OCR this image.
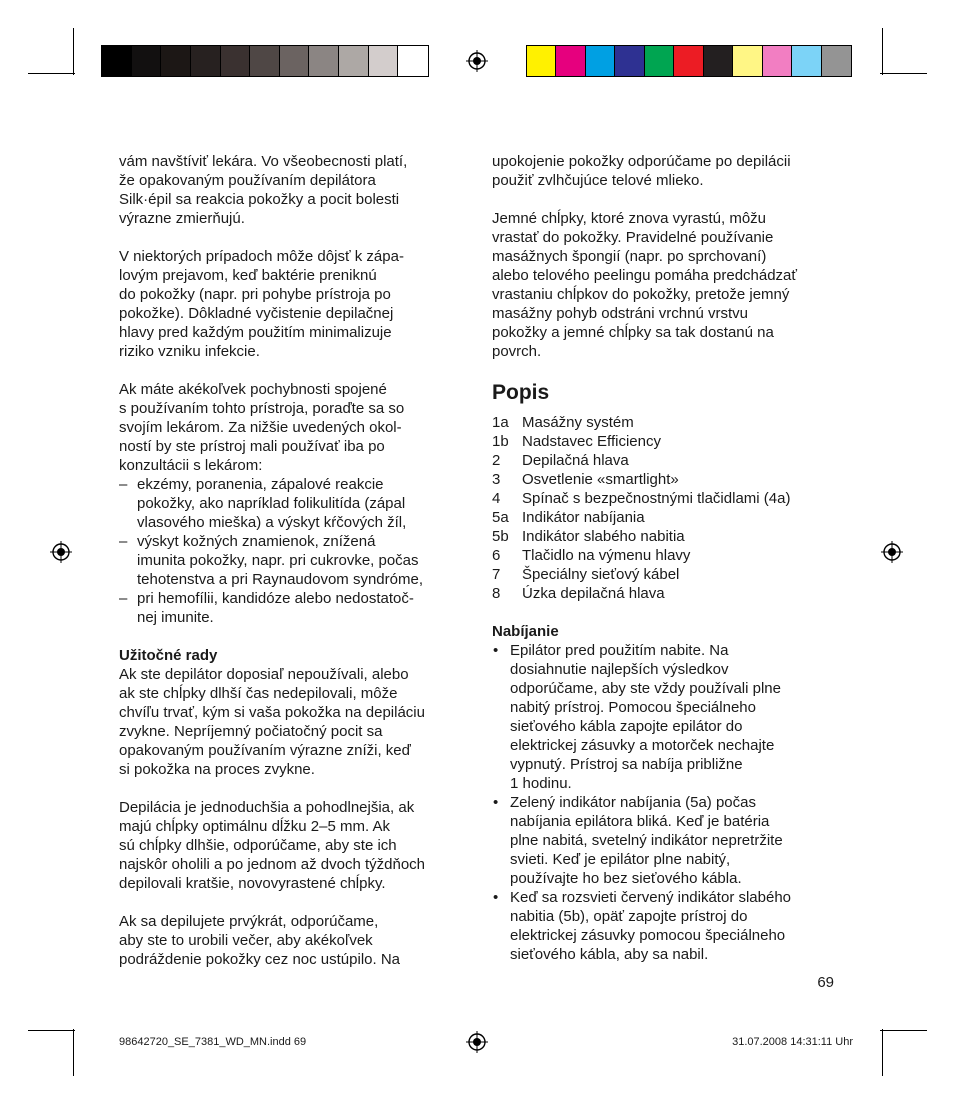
vám navštíviť lekára. Vo všeobecnosti platí,
že opakovaným používaním depilátora
Silk·épil sa reakcia pokožky a pocit bolesti
výrazne zmierňujú.

V niektorých prípadoch môže dôjsť k zápa-
lovým prejavom, keď baktérie preniknú
do pokožky (napr. pri pohybe prístroja po
pokožke). Dôkladné vyčistenie depilačnej
hlavy pred každým použitím minimalizuje
riziko vzniku infekcie.

Ak máte akékoľvek pochybnosti spojené
s používaním tohto prístroja, poraďte sa so
svojím lekárom. Za nižšie uvedených okol-
ností by ste prístroj mali používať iba po
konzultácii s lekárom:

– ekzémy, poranenia, zápalové reakcie
pokožky, ako napríklad folikulitída (zápal
vlasového mieška) a výskyt kŕčových žíl,
– výskyt kožných znamienok, znížená
imunita pokožky, napr. pri cukrovke, počas
tehotenstva a pri Raynaudovom syndróme,
– pri hemofílii, kandidóze alebo nedostatoč-
nej imunite.

Užitočné rady

Ak ste depilátor doposiaľ nepoužívali, alebo
ak ste chĺpky dlhší čas nedepilovali, môže
chvíľu trvať, kým si vaša pokožka na depiláciu
zvykne. Nepríjemný počiatočný pocit sa
opakovaným používaním výrazne zníži, keď
si pokožka na proces zvykne.

Depilácia je jednoduchšia a pohodlnejšia, ak
majú chĺpky optimálnu dĺžku 2–5 mm. Ak
sú chĺpky dlhšie, odporúčame, aby ste ich
najskôr oholili a po jednom až dvoch týždňoch
depilovali kratšie, novovyrastené chĺpky.

Ak sa depilujete prvýkrát, odporúčame,
aby ste to urobili večer, aby akékoľvek
podráždenie pokožky cez noc ustúpilo. Na

upokojenie pokožky odporúčame po depilácii
použiť zvlhčujúce telové mlieko.

Jemné chĺpky, ktoré znova vyrastú, môžu
vrastať do pokožky. Pravidelné používanie
masážnych špongií (napr. po sprchovaní)
alebo telového peelingu pomáha predchádzať
vrastaniu chĺpkov do pokožky, pretože jemný
masážny pohyb odstráni vrchnú vrstvu
pokožky a jemné chĺpky sa tak dostanú na
povrch.

Popis
1a Masážny systém
1b Nadstavec Efficiency
2	Depilačná hlava
3	Osvetlenie «smartlight»
4	Spínač s bezpečnostnými tlačidlami (4a)
5a Indikátor nabíjania
5b Indikátor slabého nabitia
6	Tlačidlo na výmenu hlavy
7	Špeciálny sieťový kábel
8	Úzka depilačná hlava

Nabíjanie

• Epilátor pred použitím nabite. Na
dosiahnutie najlepších výsledkov
odporúčame, aby ste vždy používali plne
nabitý prístroj. Pomocou špeciálneho
sieťového kábla zapojte epilátor do
elektrickej zásuvky a motorček nechajte
vypnutý. Prístroj sa nabíja približne
1 hodinu.
• Zelený indikátor nabíjania (5a) počas
nabíjania epilátora bliká. Keď je batéria
plne nabitá, svetelný indikátor nepretržite
svieti. Keď je epilátor plne nabitý,
používajte ho bez sieťového kábla.
• Keď sa rozsvieti červený indikátor slabého
nabitia (5b), opäť zapojte prístroj do
elektrickej zásuvky pomocou špeciálneho
sieťového kábla, aby sa nabil.
69
98642720_SE_7381_WD_MN.indd 69	31.07.2008 14:31:11 Uhr
